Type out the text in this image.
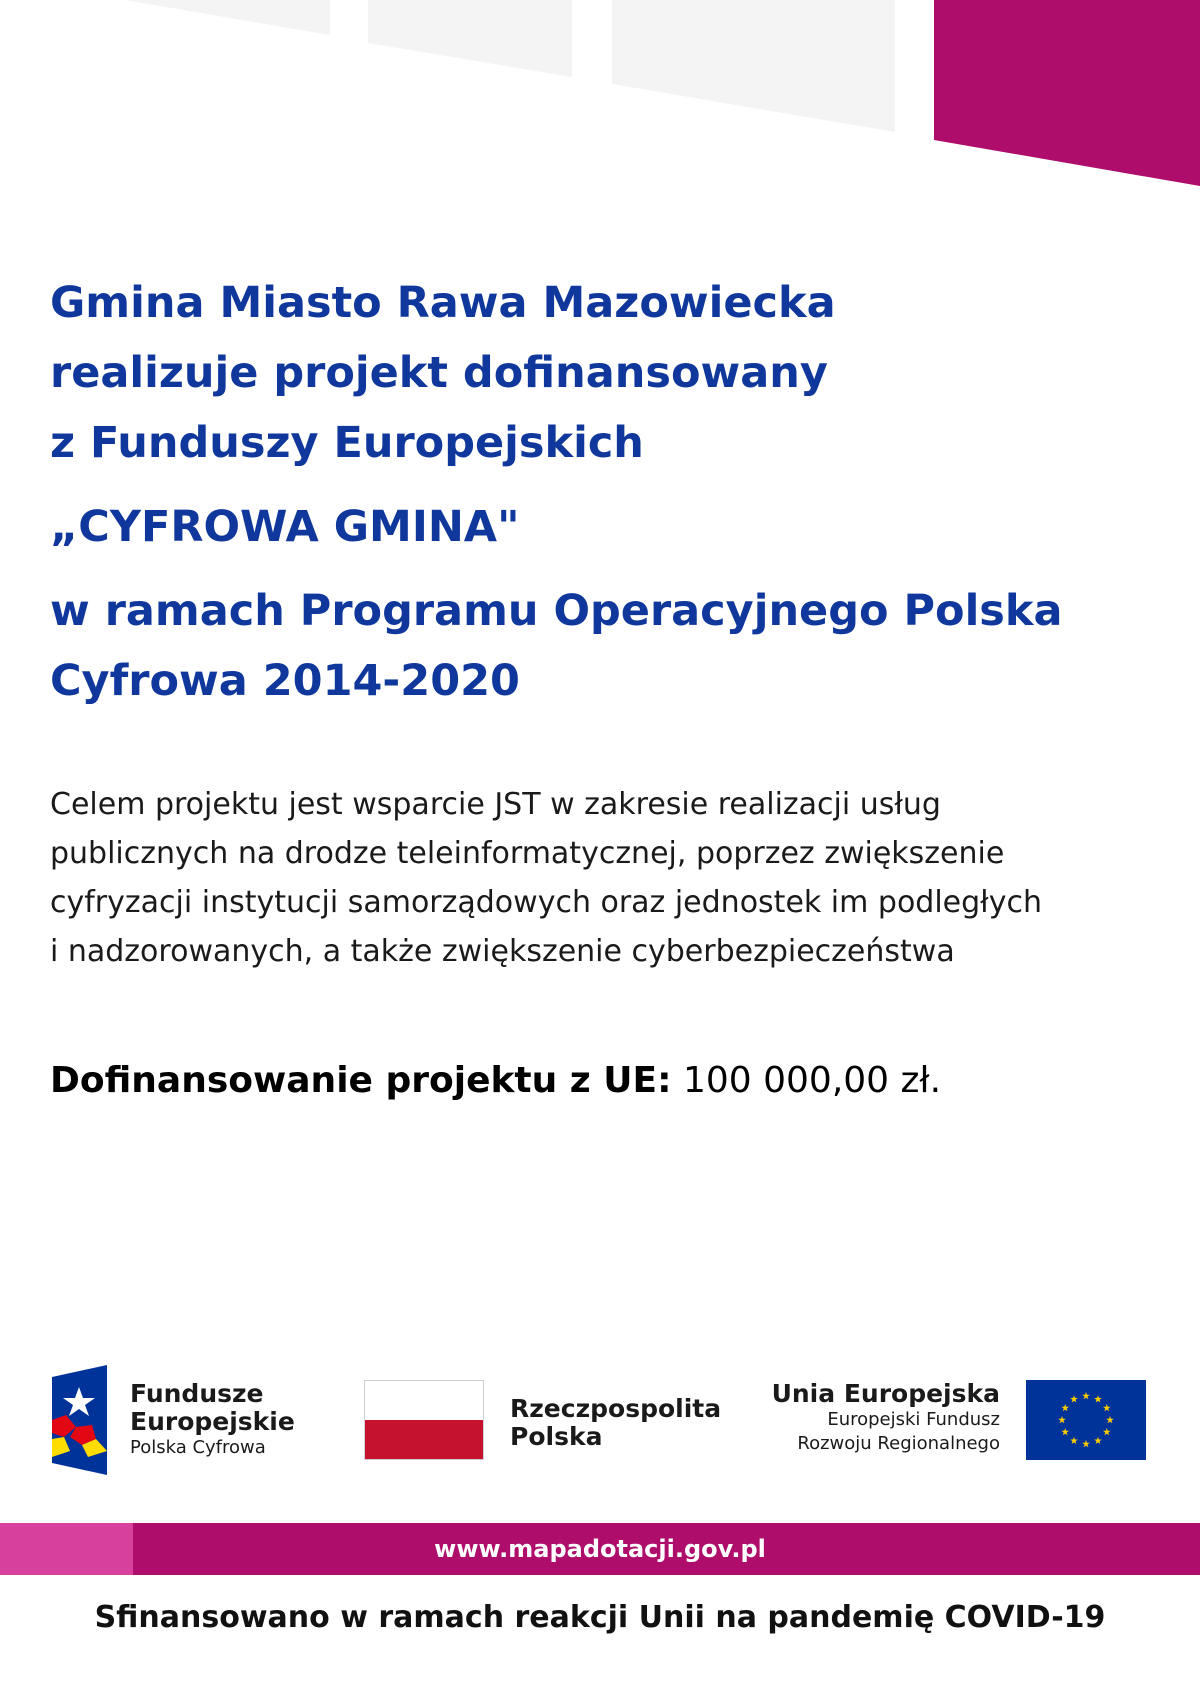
Gmina Miasto Rawa Mazowiecka
realizuje projekt dofinansowany
z Funduszy Europejskich
„CYFROWA GMINA"
w ramach Programu Operacyjnego Polska
Cyfrowa 2014-2020

Celem projektu jest wsparcie JST w zakresie realizacji usług
publicznych na drodze teleinformatycznej, poprzez zwiększenie
cyfryzacji instytucji samorządowych oraz jednostek im podległych
i nadzorowanych, a także zwiększenie cyberbezpieczeństwa

Dofinansowanie projektu z UE: 100 000,00 zł.

Fundusze
Europejskie
Polska Cyfrowa
Rzeczpospolita
Polska
Unia Europejska
Europejski Fundusz
Rozwoju Regionalnego
www.mapadotacji.gov.pl

Sfinansowano w ramach reakcji Unii na pandemię COVID-19
